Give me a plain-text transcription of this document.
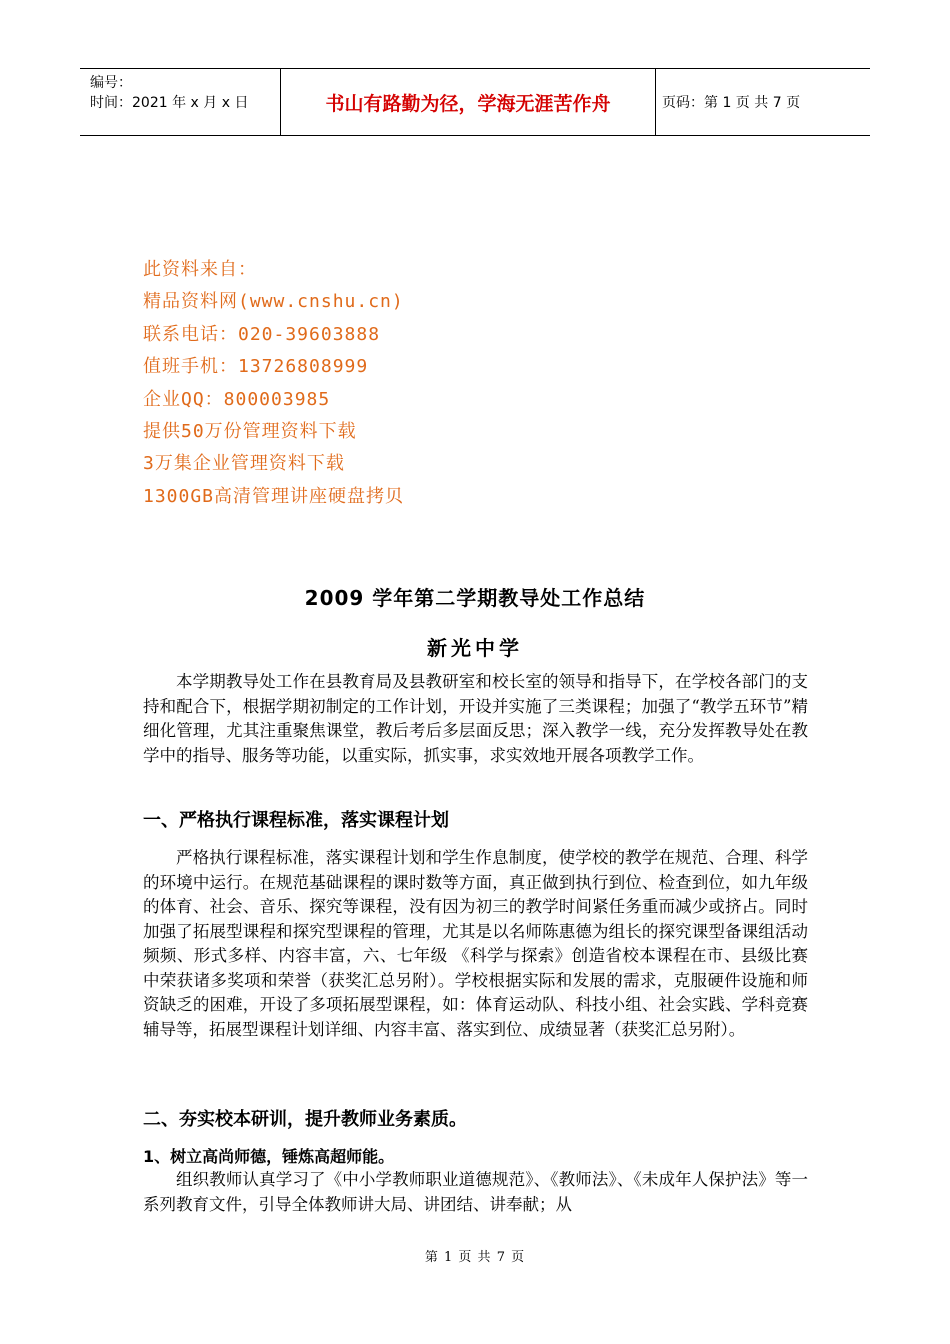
编号：
时间：2021 年 x 月 x 日	书山有路勤为径，学海无涯苦作舟	页码：第 1 页 共 7 页
此资料来自：
精品资料网(www.cnshu.cn)
联系电话：020-39603888
值班手机：13726808999
企业QQ：800003985
提供50万份管理资料下载
3万集企业管理资料下载
1300GB高清管理讲座硬盘拷贝
2009 学年第二学期教导处工作总结
新光中学
本学期教导处工作在县教育局及县教研室和校长室的领导和指导下，在学校各部门的支持和配合下，根据学期初制定的工作计划，开设并实施了三类课程；加强了“教学五环节”精细化管理，尤其注重聚焦课堂，教后考后多层面反思；深入教学一线，充分发挥教导处在教学中的指导、服务等功能，以重实际，抓实事，求实效地开展各项教学工作。
一、严格执行课程标准，落实课程计划
严格执行课程标准，落实课程计划和学生作息制度，使学校的教学在规范、合理、科学的环境中运行。在规范基础课程的课时数等方面，真正做到执行到位、检查到位，如九年级的体育、社会、音乐、探究等课程，没有因为初三的教学时间紧任务重而减少或挤占。同时加强了拓展型课程和探究型课程的管理，尤其是以名师陈惠德为组长的探究课型备课组活动频频、形式多样、内容丰富，六、七年级 《科学与探索》创造省校本课程在市、县级比赛中荣获诸多奖项和荣誉（获奖汇总另附）。学校根据实际和发展的需求，克服硬件设施和师资缺乏的困难，开设了多项拓展型课程，如：体育运动队、科技小组、社会实践、学科竞赛辅导等，拓展型课程计划详细、内容丰富、落实到位、成绩显著（获奖汇总另附）。
二、夯实校本研训，提升教师业务素质。
1、树立高尚师德，锤炼高超师能。
组织教师认真学习了《中小学教师职业道德规范》、《教师法》、《未成年人保护法》等一系列教育文件，引导全体教师讲大局、讲团结、讲奉献；从
第 1 页 共 7 页
